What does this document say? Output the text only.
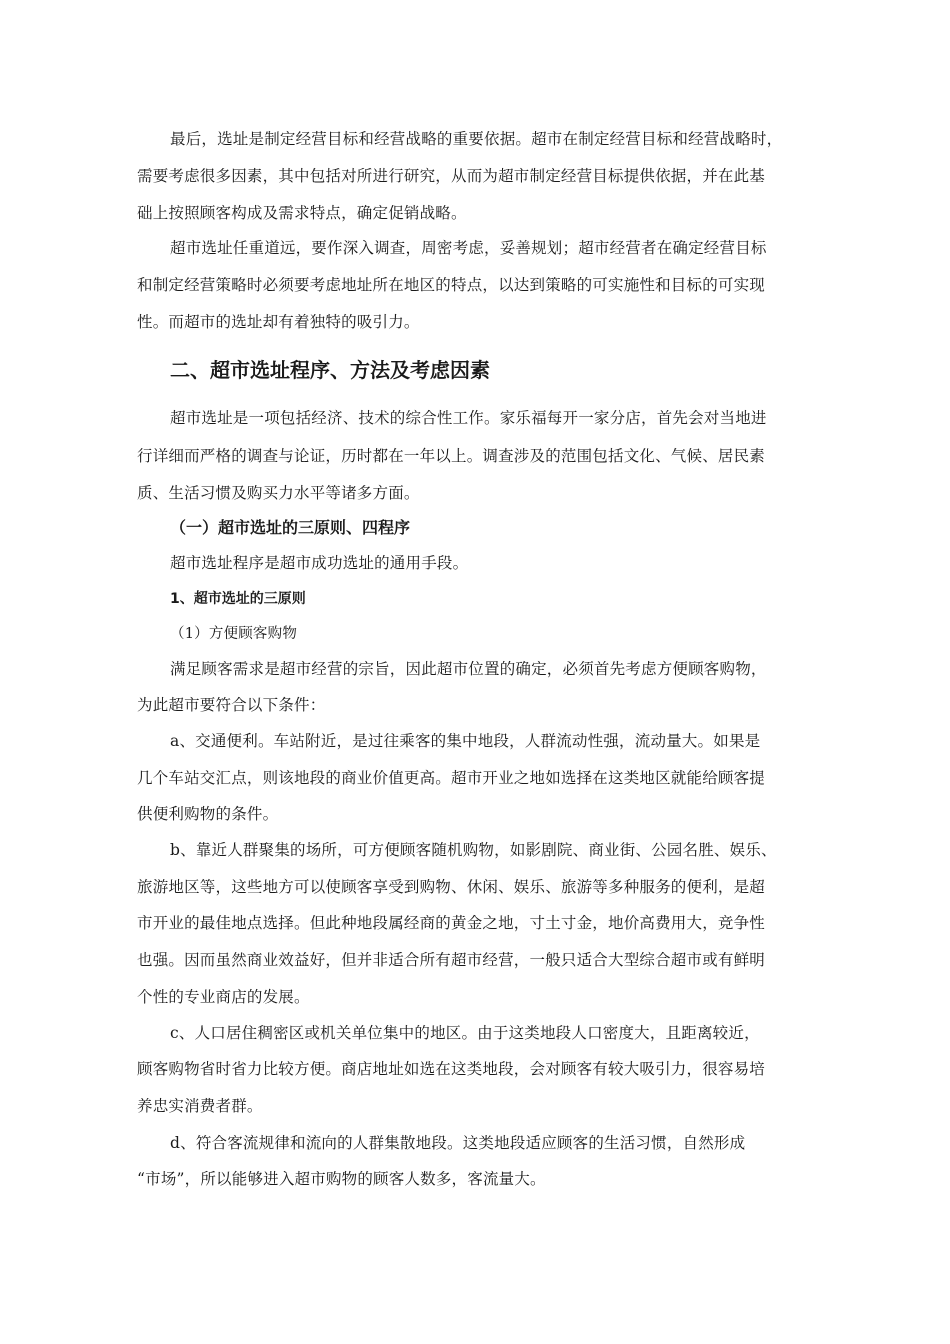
最后，选址是制定经营目标和经营战略的重要依据。超市在制定经营目标和经营战略时，
需要考虑很多因素，其中包括对所进行研究，从而为超市制定经营目标提供依据，并在此基
础上按照顾客构成及需求特点，确定促销战略。
超市选址任重道远，要作深入调查，周密考虑，妥善规划；超市经营者在确定经营目标
和制定经营策略时必须要考虑地址所在地区的特点，以达到策略的可实施性和目标的可实现
性。而超市的选址却有着独特的吸引力。
二、超市选址程序、方法及考虑因素
超市选址是一项包括经济、技术的综合性工作。家乐福每开一家分店，首先会对当地进
行详细而严格的调查与论证，历时都在一年以上。调查涉及的范围包括文化、气候、居民素
质、生活习惯及购买力水平等诸多方面。
（一）超市选址的三原则、四程序
超市选址程序是超市成功选址的通用手段。
1、超市选址的三原则
（1）方便顾客购物
满足顾客需求是超市经营的宗旨，因此超市位置的确定，必须首先考虑方便顾客购物，
为此超市要符合以下条件：
a、交通便利。车站附近，是过往乘客的集中地段，人群流动性强，流动量大。如果是
几个车站交汇点，则该地段的商业价值更高。超市开业之地如选择在这类地区就能给顾客提
供便利购物的条件。
b、靠近人群聚集的场所，可方便顾客随机购物，如影剧院、商业街、公园名胜、娱乐、
旅游地区等，这些地方可以使顾客享受到购物、休闲、娱乐、旅游等多种服务的便利，是超
市开业的最佳地点选择。但此种地段属经商的黄金之地，寸土寸金，地价高费用大，竞争性
也强。因而虽然商业效益好，但并非适合所有超市经营，一般只适合大型综合超市或有鲜明
个性的专业商店的发展。
c、人口居住稠密区或机关单位集中的地区。由于这类地段人口密度大，且距离较近，
顾客购物省时省力比较方便。商店地址如选在这类地段，会对顾客有较大吸引力，很容易培
养忠实消费者群。
d、符合客流规律和流向的人群集散地段。这类地段适应顾客的生活习惯，自然形成
“市场”，所以能够进入超市购物的顾客人数多，客流量大。
